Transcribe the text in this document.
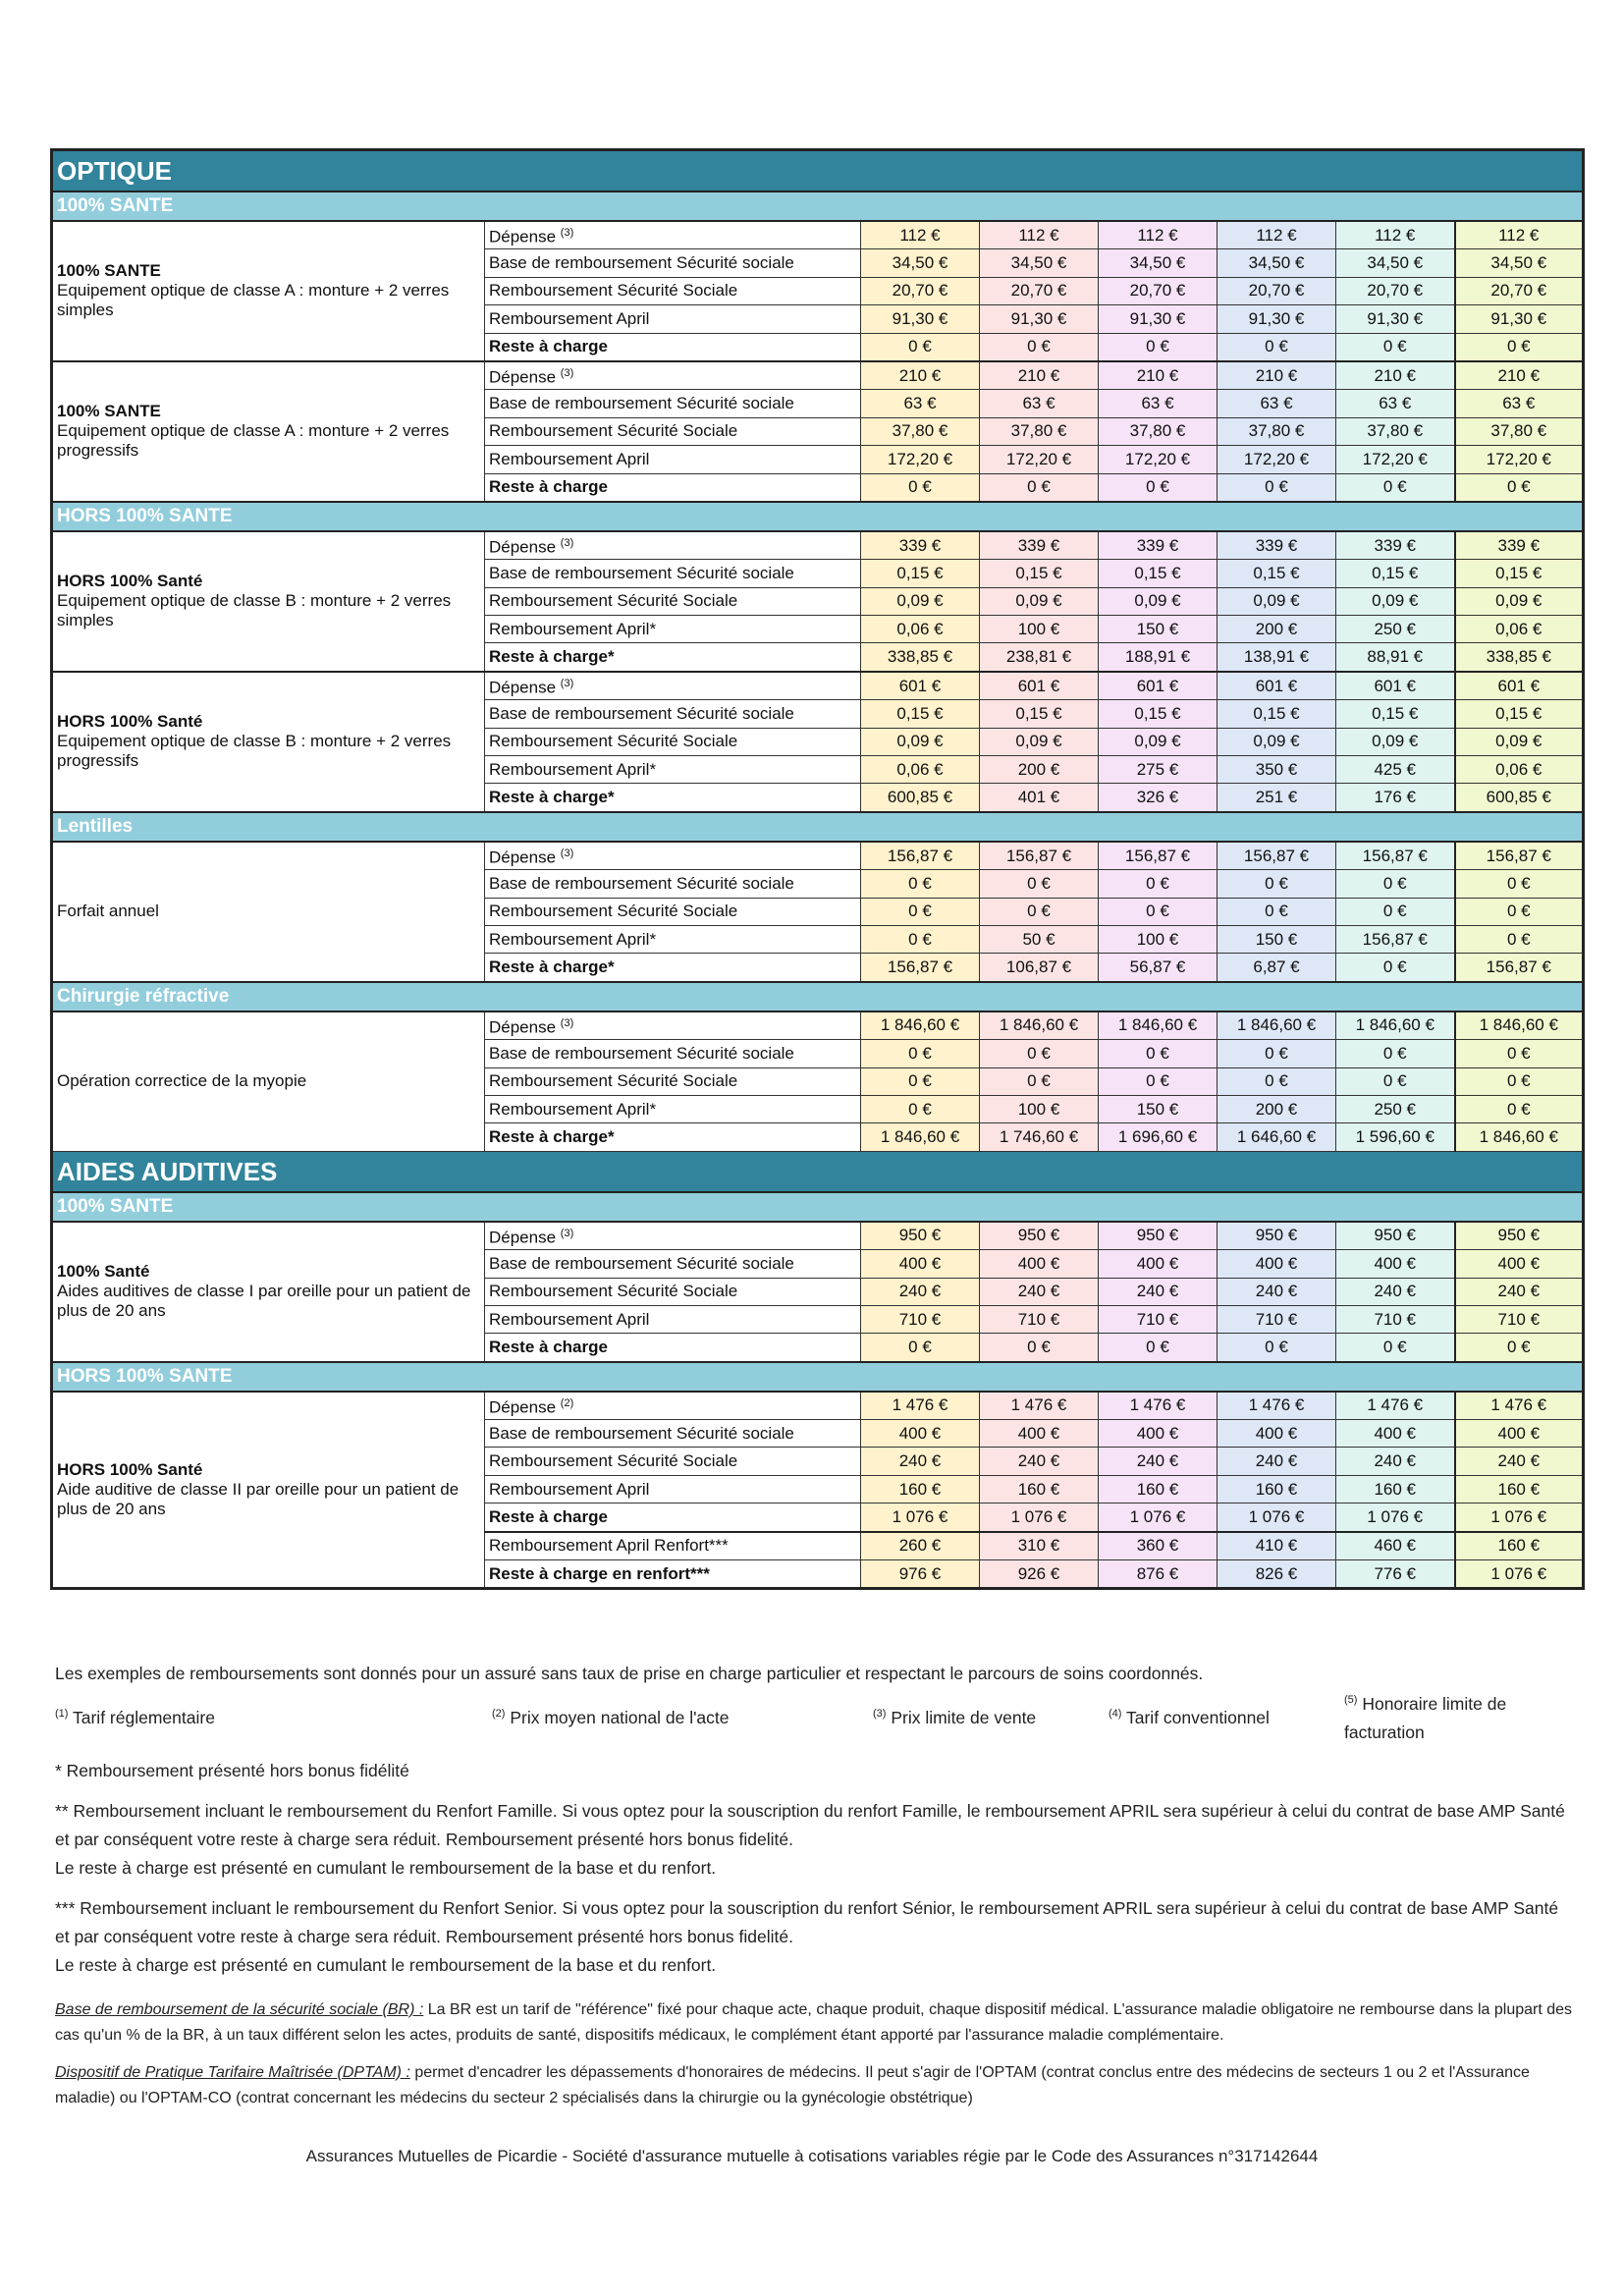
OPTIQUE							
100% SANTE							

100% SANTE
Equipement optique de classe A : monture + 2 verres simples	Dépense $^{(3)}$	112 €	112 €	112 €	112 €	112 €	112 €
	Base de remboursement Sécurité sociale	34,50 €	34,50 €	34,50 €	34,50 €	34,50 €	34,50 €
	Remboursement Sécurité Sociale	20,70 €	20,70 €	20,70 €	20,70 €	20,70 €	20,70 €
	Remboursement April	91,30 €	91,30 €	91,30 €	91,30 €	91,30 €	91,30 €
	Reste à charge	0 €	0 €	0 €	0 €	0 €	0 €

100% SANTE
Equipement optique de classe A : monture + 2 verres progressifs	Dépense $^{(3)}$	210 €	210 €	210 €	210 €	210 €	210 €
	Base de remboursement Sécurité sociale	63 €	63 €	63 €	63 €	63 €	63 €
	Remboursement Sécurité Sociale	37,80 €	37,80 €	37,80 €	37,80 €	37,80 €	37,80 €
	Remboursement April	172,20 €	172,20 €	172,20 €	172,20 €	172,20 €	172,20 €
	Reste à charge	0 €	0 €	0 €	0 €	0 €	0 €
HORS 100% SANTE							

HORS 100% Santé
Equipement optique de classe B : monture + 2 verres simples	Dépense $^{(3)}$	339 €	339 €	339 €	339 €	339 €	339 €
	Base de remboursement Sécurité sociale	0,15 €	0,15 €	0,15 €	0,15 €	0,15 €	0,15 €
	Remboursement Sécurité Sociale	0,09 €	0,09 €	0,09 €	0,09 €	0,09 €	0,09 €
	Remboursement April*	0,06 €	100 €	150 €	200 €	250 €	0,06 €
	Reste à charge*	338,85 €	238,81 €	188,91 €	138,91 €	88,91 €	338,85 €

HORS 100% Santé
Equipement optique de classe B : monture + 2 verres progressifs	Dépense $^{(3)}$	601 €	601 €	601 €	601 €	601 €	601 €
	Base de remboursement Sécurité sociale	0,15 €	0,15 €	0,15 €	0,15 €	0,15 €	0,15 €
	Remboursement Sécurité Sociale	0,09 €	0,09 €	0,09 €	0,09 €	0,09 €	0,09 €
	Remboursement April*	0,06 €	200 €	275 €	350 €	425 €	0,06 €
	Reste à charge*	600,85 €	401 €	326 €	251 €	176 €	600,85 €
Lentilles							

Forfait annuel	Dépense $^{(3)}$	156,87 €	156,87 €	156,87 €	156,87 €	156,87 €	156,87 €
	Base de remboursement Sécurité sociale	0 €	0 €	0 €	0 €	0 €	0 €
	Remboursement Sécurité Sociale	0 €	0 €	0 €	0 €	0 €	0 €
	Remboursement April*	0 €	50 €	100 €	150 €	156,87 €	0 €
	Reste à charge*	156,87 €	106,87 €	56,87 €	6,87 €	0 €	156,87 €
Chirurgie réfractive							

Opération correctice de la myopie	Dépense $^{(3)}$	1 846,60 €	1 846,60 €	1 846,60 €	1 846,60 €	1 846,60 €	1 846,60 €
	Base de remboursement Sécurité sociale	0 €	0 €	0 €	0 €	0 €	0 €
	Remboursement Sécurité Sociale	0 €	0 €	0 €	0 €	0 €	0 €
	Remboursement April*	0 €	100 €	150 €	200 €	250 €	0 €
	Reste à charge*	1 846,60 €	1 746,60 €	1 696,60 €	1 646,60 €	1 596,60 €	1 846,60 €
AIDES AUDITIVES							
100% SANTE							

100% Santé
Aides auditives de classe I par oreille pour un patient de plus de 20 ans	Dépense $^{(3)}$	950 €	950 €	950 €	950 €	950 €	950 €
	Base de remboursement Sécurité sociale	400 €	400 €	400 €	400 €	400 €	400 €
	Remboursement Sécurité Sociale	240 €	240 €	240 €	240 €	240 €	240 €
	Remboursement April	710 €	710 €	710 €	710 €	710 €	710 €
	Reste à charge	0 €	0 €	0 €	0 €	0 €	0 €
HORS 100% SANTE							

HORS 100% Santé
Aide auditive de classe II par oreille pour un patient de plus de 20 ans	Dépense $^{(2)}$	1 476 €	1 476 €	1 476 €	1 476 €	1 476 €	1 476 €
	Base de remboursement Sécurité sociale	400 €	400 €	400 €	400 €	400 €	400 €
	Remboursement Sécurité Sociale	240 €	240 €	240 €	240 €	240 €	240 €
	Remboursement April	160 €	160 €	160 €	160 €	160 €	160 €
	Reste à charge	1 076 €	1 076 €	1 076 €	1 076 €	1 076 €	1 076 €
	Remboursement April Renfort***	260 €	310 €	360 €	410 €	460 €	160 €
	Reste à charge en renfort***	976 €	926 €	876 €	826 €	776 €	1 076 €

Les exemples de remboursements sont donnés pour un assuré sans taux de prise en charge particulier et respectant le parcours de soins coordonnés.

$^{(1)}$ Tarif réglementaire	$^{(2)}$ Prix moyen national de l'acte	$^{(3)}$ Prix limite de vente	$^{(4)}$ Tarif conventionnel
$^{(5)}$ Honoraire limite de facturation

* Remboursement présenté hors bonus fidélité

** Remboursement incluant le remboursement du Renfort Famille. Si vous optez pour la souscription du renfort Famille, le remboursement APRIL sera supérieur à celui du contrat de base AMP Santé et par conséquent votre reste à charge sera réduit. Remboursement présenté hors bonus fidelité.
Le reste à charge est présenté en cumulant le remboursement de la base et du renfort.

*** Remboursement incluant le remboursement du Renfort Senior. Si vous optez pour la souscription du renfort Sénior, le remboursement APRIL sera supérieur à celui du contrat de base AMP Santé et par conséquent votre reste à charge sera réduit. Remboursement présenté hors bonus fidelité.
Le reste à charge est présenté en cumulant le remboursement de la base et du renfort.

Base de remboursement de la sécurité sociale (BR) : La BR est un tarif de "référence" fixé pour chaque acte, chaque produit, chaque dispositif médical. L'assurance maladie obligatoire ne rembourse dans la plupart des cas qu'un % de la BR, à un taux différent selon les actes, produits de santé, dispositifs médicaux, le complément étant apporté par l'assurance maladie complémentaire.

Dispositif de Pratique Tarifaire Maîtrisée (DPTAM) : permet d'encadrer les dépassements d'honoraires de médecins. Il peut s'agir de l'OPTAM (contrat conclus entre des médecins de secteurs 1 ou 2 et l'Assurance maladie) ou l'OPTAM-CO (contrat concernant les médecins du secteur 2 spécialisés dans la chirurgie ou la gynécologie obstétrique)

Assurances Mutuelles de Picardie - Société d'assurance mutuelle à cotisations variables régie par le Code des Assurances n°317142644
